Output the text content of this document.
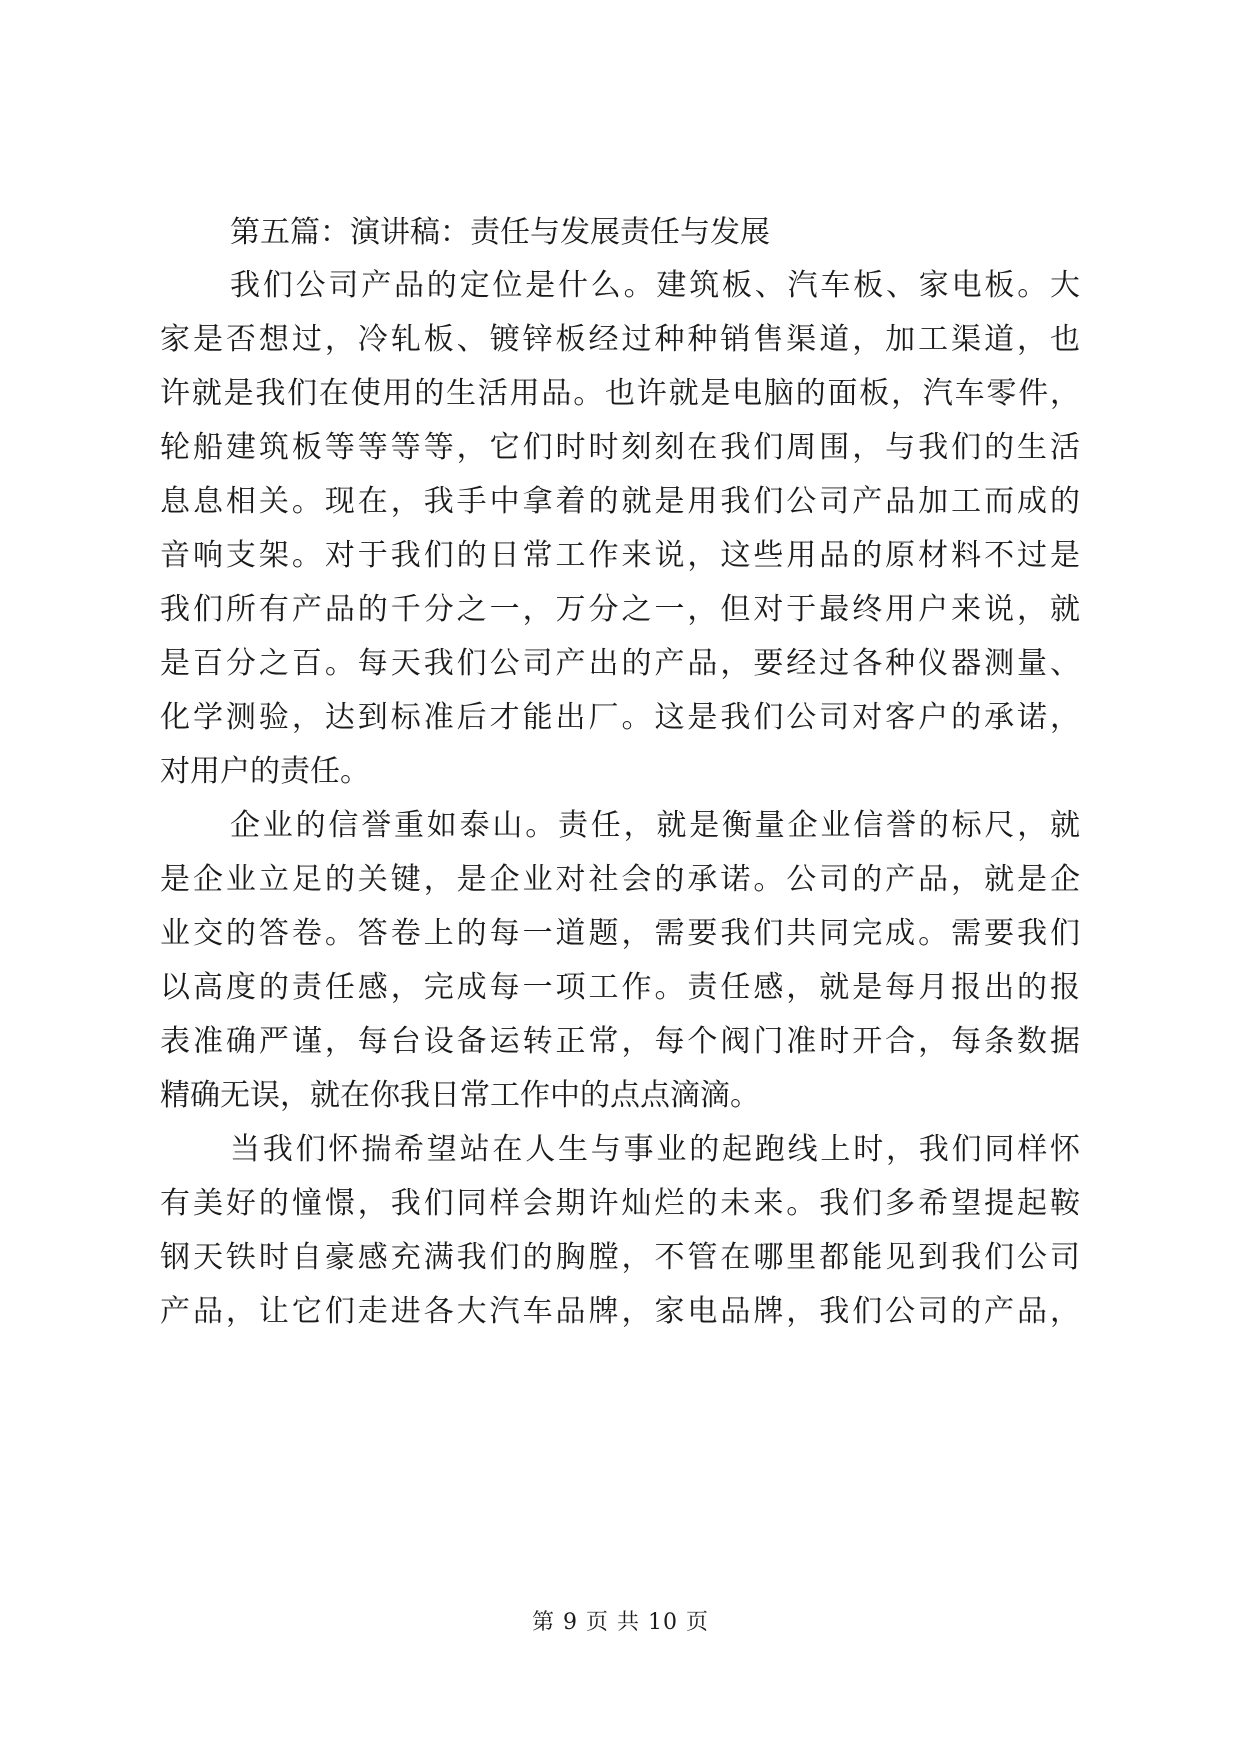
第五篇：演讲稿：责任与发展责任与发展
我们公司产品的定位是什么。建筑板、汽车板、家电板。大
家是否想过，冷轧板、镀锌板经过种种销售渠道，加工渠道，也
许就是我们在使用的生活用品。也许就是电脑的面板，汽车零件，
轮船建筑板等等等等，它们时时刻刻在我们周围，与我们的生活
息息相关。现在，我手中拿着的就是用我们公司产品加工而成的
音响支架。对于我们的日常工作来说，这些用品的原材料不过是
我们所有产品的千分之一，万分之一，但对于最终用户来说，就
是百分之百。每天我们公司产出的产品，要经过各种仪器测量、
化学测验，达到标准后才能出厂。这是我们公司对客户的承诺，
对用户的责任。
企业的信誉重如泰山。责任，就是衡量企业信誉的标尺，就
是企业立足的关键，是企业对社会的承诺。公司的产品，就是企
业交的答卷。答卷上的每一道题，需要我们共同完成。需要我们
以高度的责任感，完成每一项工作。责任感，就是每月报出的报
表准确严谨，每台设备运转正常，每个阀门准时开合，每条数据
精确无误，就在你我日常工作中的点点滴滴。
当我们怀揣希望站在人生与事业的起跑线上时，我们同样怀
有美好的憧憬，我们同样会期许灿烂的未来。我们多希望提起鞍
钢天铁时自豪感充满我们的胸膛，不管在哪里都能见到我们公司
产品，让它们走进各大汽车品牌，家电品牌，我们公司的产品，
第 9 页 共 10 页
